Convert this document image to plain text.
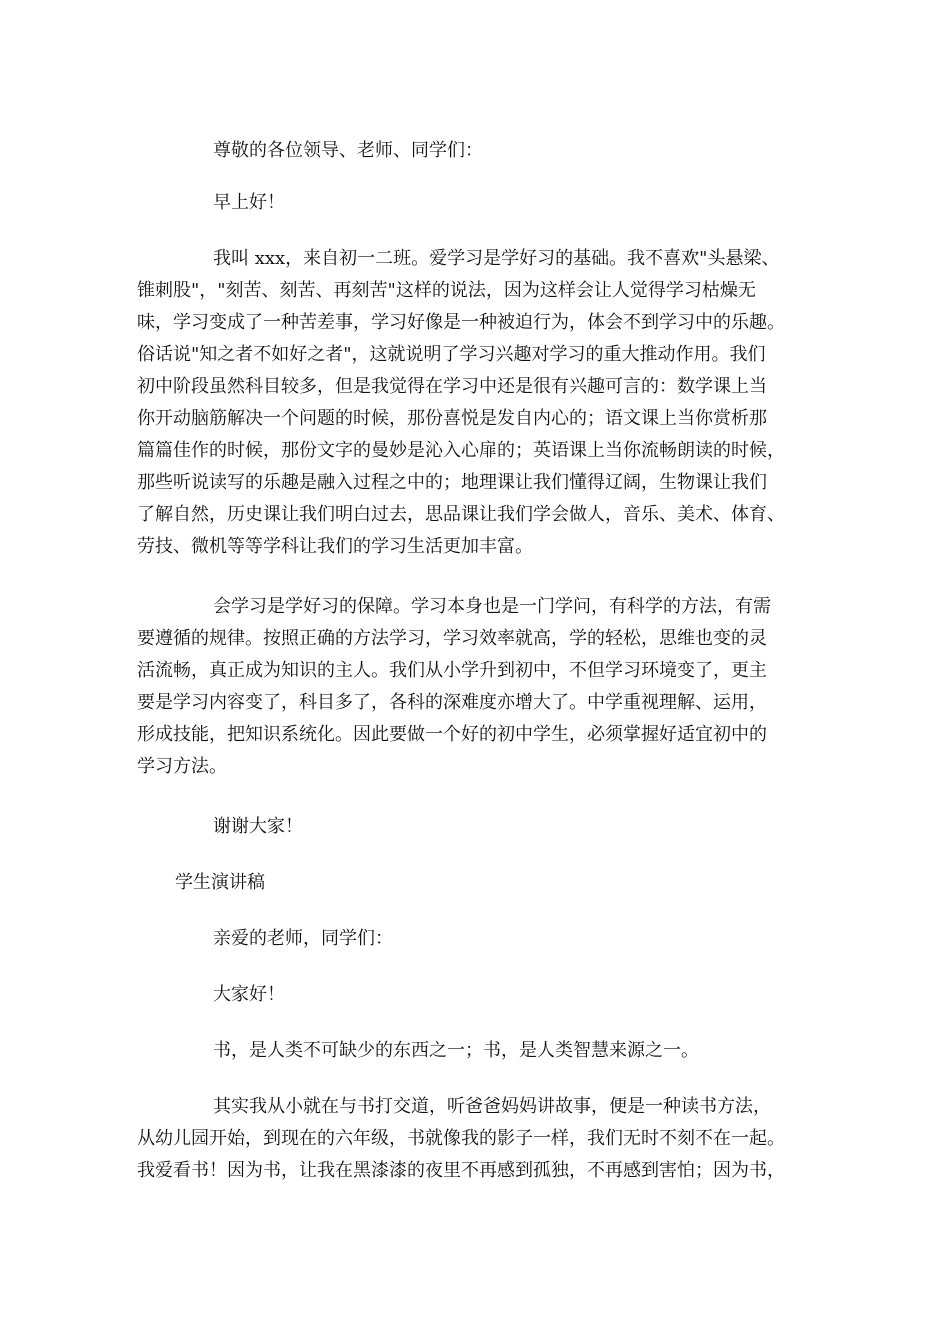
尊敬的各位领导、老师、同学们：
早上好！
我叫 xxx，来自初一二班。爱学习是学好习的基础。我不喜欢"头悬梁、
锥刺股"，"刻苦、刻苦、再刻苦"这样的说法，因为这样会让人觉得学习枯燥无
味，学习变成了一种苦差事，学习好像是一种被迫行为，体会不到学习中的乐趣。
俗话说"知之者不如好之者"，这就说明了学习兴趣对学习的重大推动作用。我们
初中阶段虽然科目较多，但是我觉得在学习中还是很有兴趣可言的：数学课上当
你开动脑筋解决一个问题的时候，那份喜悦是发自内心的；语文课上当你赏析那
篇篇佳作的时候，那份文字的曼妙是沁入心扉的；英语课上当你流畅朗读的时候，
那些听说读写的乐趣是融入过程之中的；地理课让我们懂得辽阔，生物课让我们
了解自然，历史课让我们明白过去，思品课让我们学会做人，音乐、美术、体育、
劳技、微机等等学科让我们的学习生活更加丰富。
会学习是学好习的保障。学习本身也是一门学问，有科学的方法，有需
要遵循的规律。按照正确的方法学习，学习效率就高，学的轻松，思维也变的灵
活流畅，真正成为知识的主人。我们从小学升到初中，不但学习环境变了，更主
要是学习内容变了，科目多了，各科的深难度亦增大了。中学重视理解、运用，
形成技能，把知识系统化。因此要做一个好的初中学生，必须掌握好适宜初中的
学习方法。
谢谢大家！
学生演讲稿
亲爱的老师，同学们：
大家好！
书，是人类不可缺少的东西之一；书，是人类智慧来源之一。
其实我从小就在与书打交道，听爸爸妈妈讲故事，便是一种读书方法，
从幼儿园开始，到现在的六年级，书就像我的影子一样，我们无时不刻不在一起。
我爱看书！因为书，让我在黑漆漆的夜里不再感到孤独，不再感到害怕；因为书，
